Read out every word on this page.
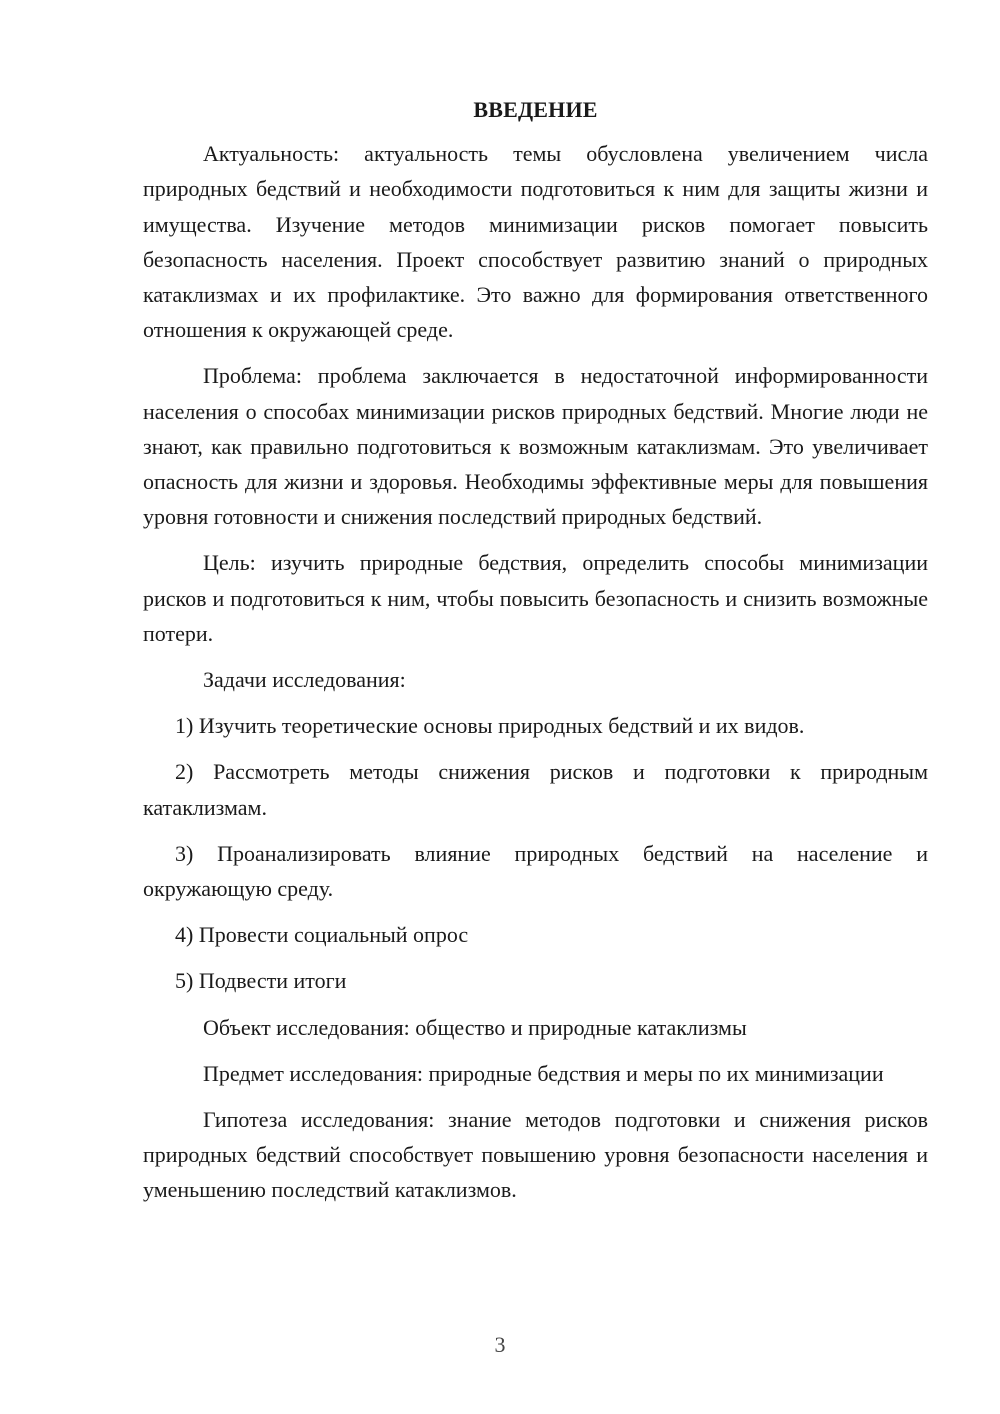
ВВЕДЕНИЕ

Актуальность: актуальность темы обусловлена увеличением числа природных бедствий и необходимости подготовиться к ним для защиты жизни и имущества. Изучение методов минимизации рисков помогает повысить безопасность населения. Проект способствует развитию знаний о природных катаклизмах и их профилактике. Это важно для формирования ответственного отношения к окружающей среде.

Проблема: проблема заключается в недостаточной информированности населения о способах минимизации рисков природных бедствий. Многие люди не знают, как правильно подготовиться к возможным катаклизмам. Это увеличивает опасность для жизни и здоровья. Необходимы эффективные меры для повышения уровня готовности и снижения последствий природных бедствий.

Цель: изучить природные бедствия, определить способы минимизации рисков и подготовиться к ним, чтобы повысить безопасность и снизить возможные потери.

Задачи исследования:

1) Изучить теоретические основы природных бедствий и их видов.

2) Рассмотреть методы снижения рисков и подготовки к природным катаклизмам.

3) Проанализировать влияние природных бедствий на население и окружающую среду.

4) Провести социальный опрос

5) Подвести итоги

Объект исследования: общество и природные катаклизмы

Предмет исследования: природные бедствия и меры по их минимизации

Гипотеза исследования: знание методов подготовки и снижения рисков природных бедствий способствует повышению уровня безопасности населения и уменьшению последствий катаклизмов.

3
